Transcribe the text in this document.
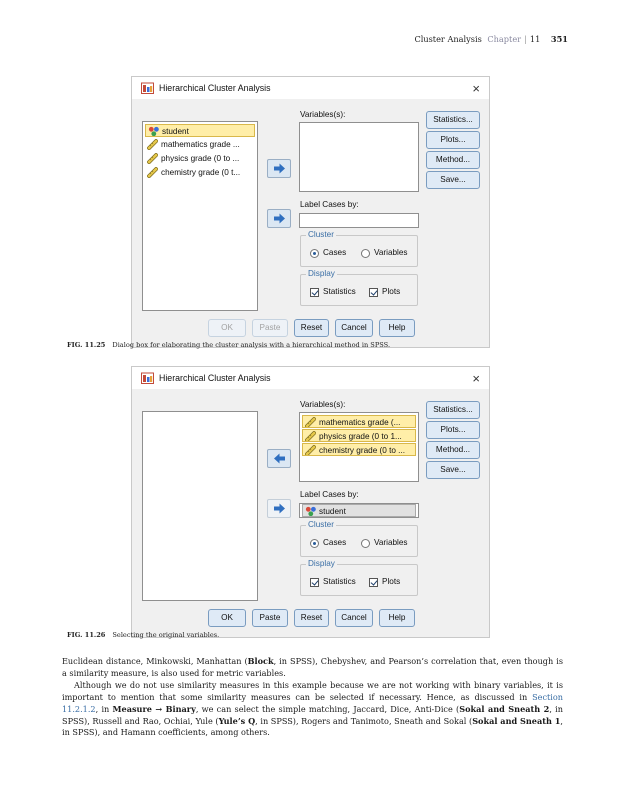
Cluster Analysis Chapter | 11 351
Hierarchical Cluster Analysis	×
student
mathematics grade ...
physics grade (0 to ...
chemistry grade (0 t...
Variables(s):
Label Cases by:
Cluster
Cases	Variables
Display
Statistics	Plots
Statistics...
Plots...
Method...
Save...
OK	Paste	Reset	Cancel	Help
FIG. 11.25 Dialog box for elaborating the cluster analysis with a hierarchical method in SPSS.
Hierarchical Cluster Analysis	×
Variables(s):
mathematics grade (...
physics grade (0 to 1...
chemistry grade (0 to ...
Label Cases by:
student
Cluster
Cases	Variables
Display
Statistics	Plots
Statistics...
Plots...
Method...
Save...
OK	Paste	Reset	Cancel	Help
FIG. 11.26 Selecting the original variables.

Euclidean distance, Minkowski, Manhattan (Block, in SPSS), Chebyshev, and Pearson’s correlation that, even though is a similarity measure, is also used for metric variables.

Although we do not use similarity measures in this example because we are not working with binary variables, it is important to mention that some similarity measures can be selected if necessary. Hence, as discussed in Section 11.2.1.2, in Measure → Binary, we can select the simple matching, Jaccard, Dice, Anti-Dice (Sokal and Sneath 2, in SPSS), Russell and Rao, Ochiai, Yule (Yule’s Q, in SPSS), Rogers and Tanimoto, Sneath and Sokal (Sokal and Sneath 1, in SPSS), and Hamann coefficients, among others.
